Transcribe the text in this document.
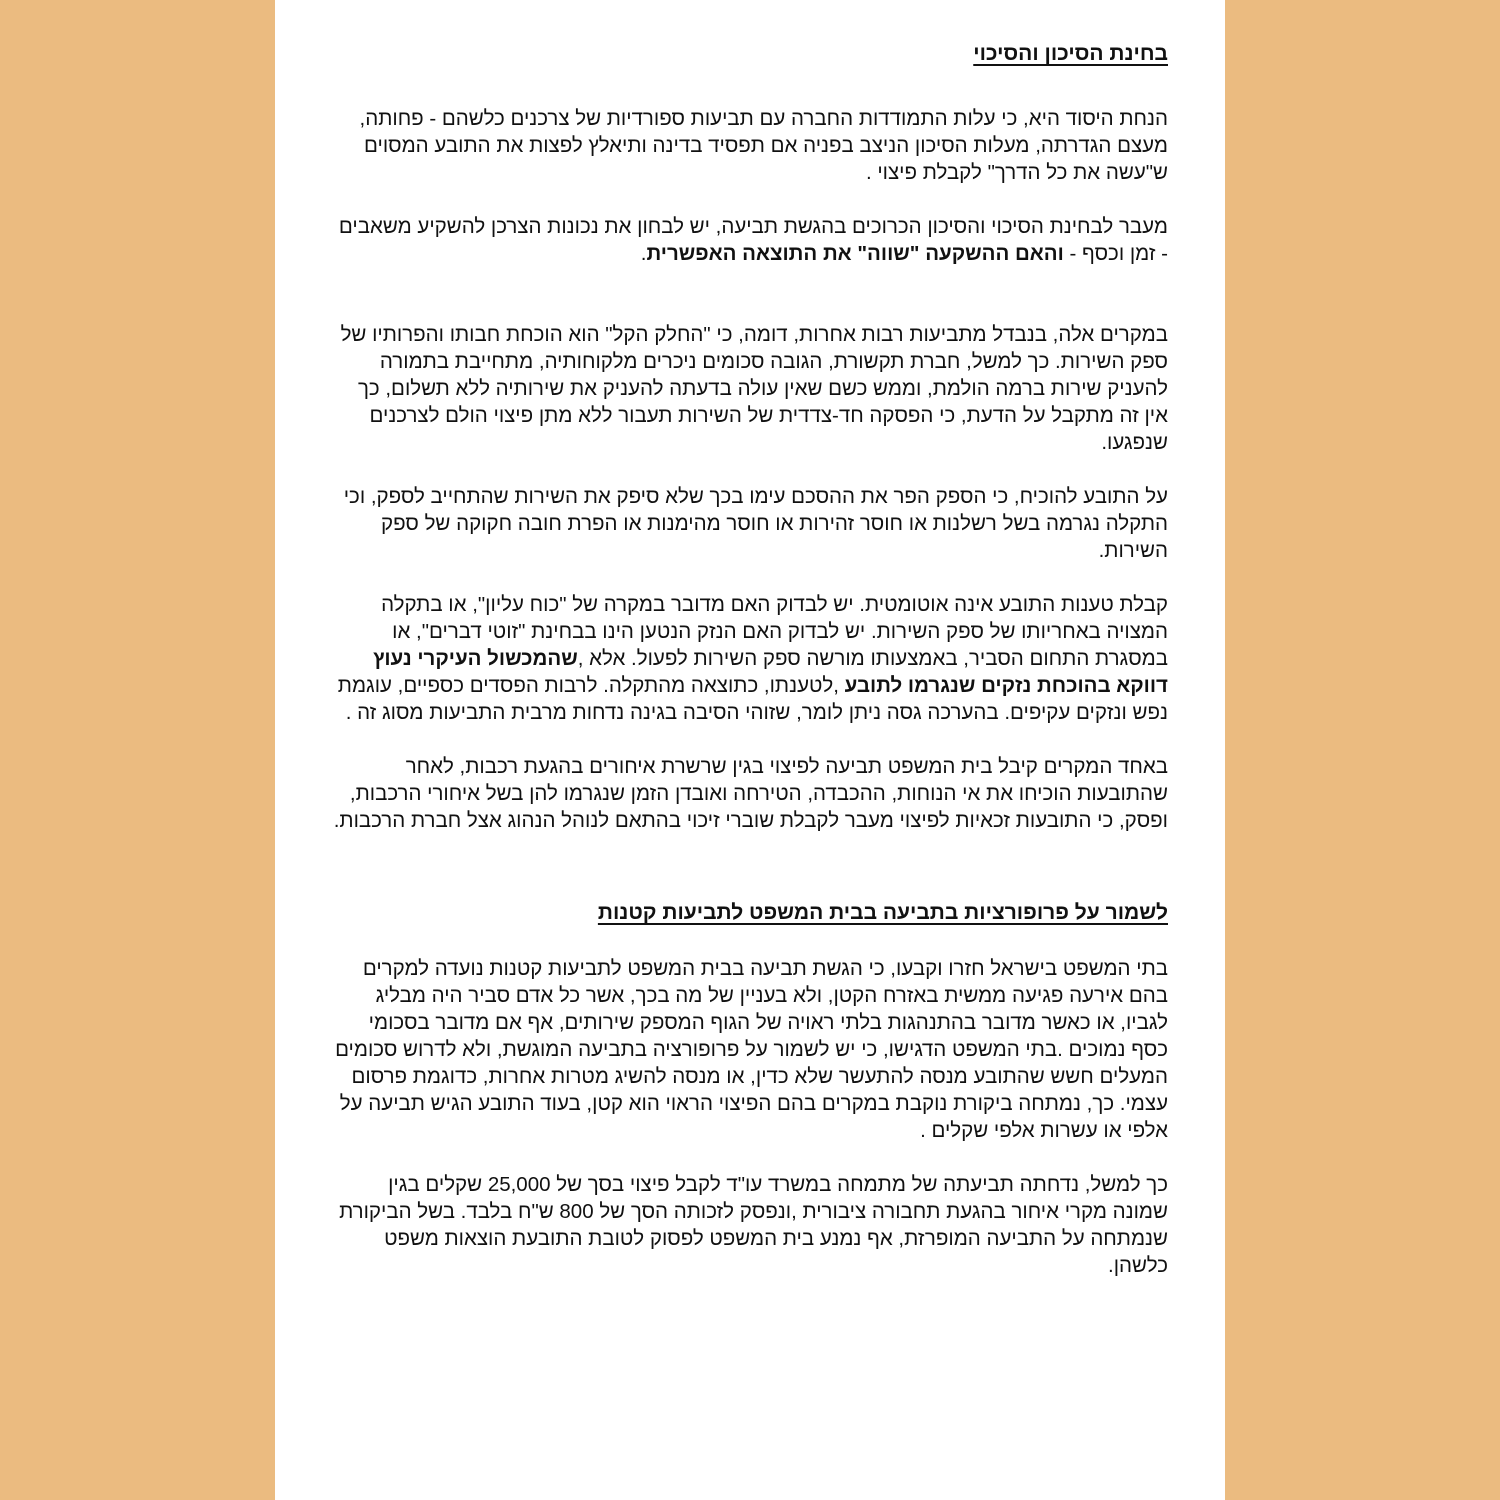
בחינת הסיכון והסיכוי

הנחת היסוד היא, כי עלות התמודדות החברה עם תביעות ספורדיות של צרכנים כלשהם - פחותה, מעצם הגדרתה, מעלות הסיכון הניצב בפניה אם תפסיד בדינה ותיאלץ לפצות את התובע המסוים ש"עשה את כל הדרך" לקבלת פיצוי .

מעבר לבחינת הסיכוי והסיכון הכרוכים בהגשת תביעה, יש לבחון את נכונות הצרכן להשקיע משאבים - זמן וכסף - והאם ההשקעה "שווה" את התוצאה האפשרית.

במקרים אלה, בנבדל מתביעות רבות אחרות, דומה, כי "החלק הקל" הוא הוכחת חבותו והפרותיו של ספק השירות. כך למשל, חברת תקשורת, הגובה סכומים ניכרים מלקוחותיה, מתחייבת בתמורה להעניק שירות ברמה הולמת, וממש כשם שאין עולה בדעתה להעניק את שירותיה ללא תשלום, כך אין זה מתקבל על הדעת, כי הפסקה חד-צדדית של השירות תעבור ללא מתן פיצוי הולם לצרכנים שנפגעו.

על התובע להוכיח, כי הספק הפר את ההסכם עימו בכך שלא סיפק את השירות שהתחייב לספק, וכי התקלה נגרמה בשל רשלנות או חוסר זהירות או חוסר מהימנות או הפרת חובה חקוקה של ספק השירות.

קבלת טענות התובע אינה אוטומטית. יש לבדוק האם מדובר במקרה של "כוח עליון", או בתקלה המצויה באחריותו של ספק השירות. יש לבדוק האם הנזק הנטען הינו בבחינת "זוטי דברים", או במסגרת התחום הסביר, באמצעותו מורשה ספק השירות לפעול. אלא ,שהמכשול העיקרי נעוץ דווקא בהוכחת נזקים שנגרמו לתובע ,לטענתו, כתוצאה מהתקלה. לרבות הפסדים כספיים, עוגמת נפש ונזקים עקיפים. בהערכה גסה ניתן לומר, שזוהי הסיבה בגינה נדחות מרבית התביעות מסוג זה .

באחד המקרים קיבל בית המשפט תביעה לפיצוי בגין שרשרת איחורים בהגעת רכבות, לאחר שהתובעות הוכיחו את אי הנוחות, ההכבדה, הטירחה ואובדן הזמן שנגרמו להן בשל איחורי הרכבות, ופסק, כי התובעות זכאיות לפיצוי מעבר לקבלת שוברי זיכוי בהתאם לנוהל הנהוג אצל חברת הרכבות.

לשמור על פרופורציות בתביעה בבית המשפט לתביעות קטנות

בתי המשפט בישראל חזרו וקבעו, כי הגשת תביעה בבית המשפט לתביעות קטנות נועדה למקרים בהם אירעה פגיעה ממשית באזרח הקטן, ולא בעניין של מה בכך, אשר כל אדם סביר היה מבליג לגביו, או כאשר מדובר בהתנהגות בלתי ראויה של הגוף המספק שירותים, אף אם מדובר בסכומי כסף נמוכים .בתי המשפט הדגישו, כי יש לשמור על פרופורציה בתביעה המוגשת, ולא לדרוש סכומים המעלים חשש שהתובע מנסה להתעשר שלא כדין, או מנסה להשיג מטרות אחרות, כדוגמת פרסום עצמי. כך, נמתחה ביקורת נוקבת במקרים בהם הפיצוי הראוי הוא קטן, בעוד התובע הגיש תביעה על אלפי או עשרות אלפי שקלים .

כך למשל, נדחתה תביעתה של מתמחה במשרד עו"ד לקבל פיצוי בסך של 25,000 שקלים בגין שמונה מקרי איחור בהגעת תחבורה ציבורית ,ונפסק לזכותה הסך של 800 ש"ח בלבד. בשל הביקורת שנמתחה על התביעה המופרזת, אף נמנע בית המשפט לפסוק לטובת התובעת הוצאות משפט כלשהן.
